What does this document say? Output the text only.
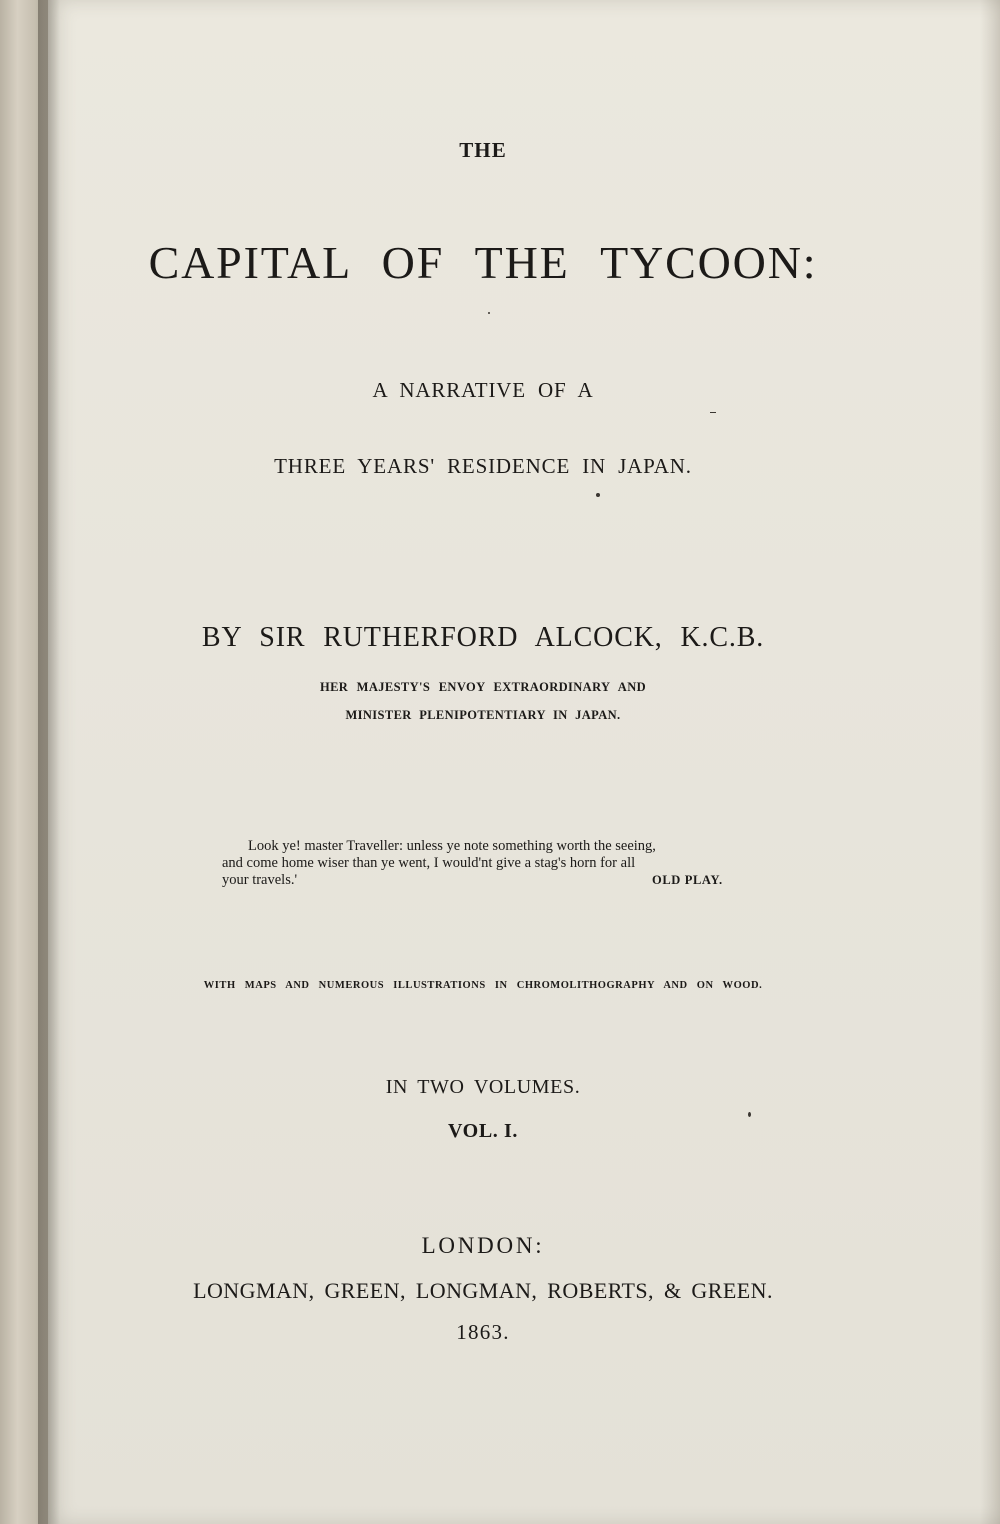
THE

CAPITAL OF THE TYCOON:

A NARRATIVE OF A

THREE YEARS' RESIDENCE IN JAPAN.

BY SIR RUTHERFORD ALCOCK, K.C.B.

HER MAJESTY'S ENVOY EXTRAORDINARY AND

MINISTER PLENIPOTENTIARY IN JAPAN.

Look ye! master Traveller: unless ye note something worth the seeing,
and come home wiser than ye went, I would'nt give a stag's horn for all
your travels.'	OLD PLAY.

WITH MAPS AND NUMEROUS ILLUSTRATIONS IN CHROMOLITHOGRAPHY AND ON WOOD.

IN TWO VOLUMES.

VOL. I.

LONDON:

LONGMAN, GREEN, LONGMAN, ROBERTS, & GREEN.

1863.
